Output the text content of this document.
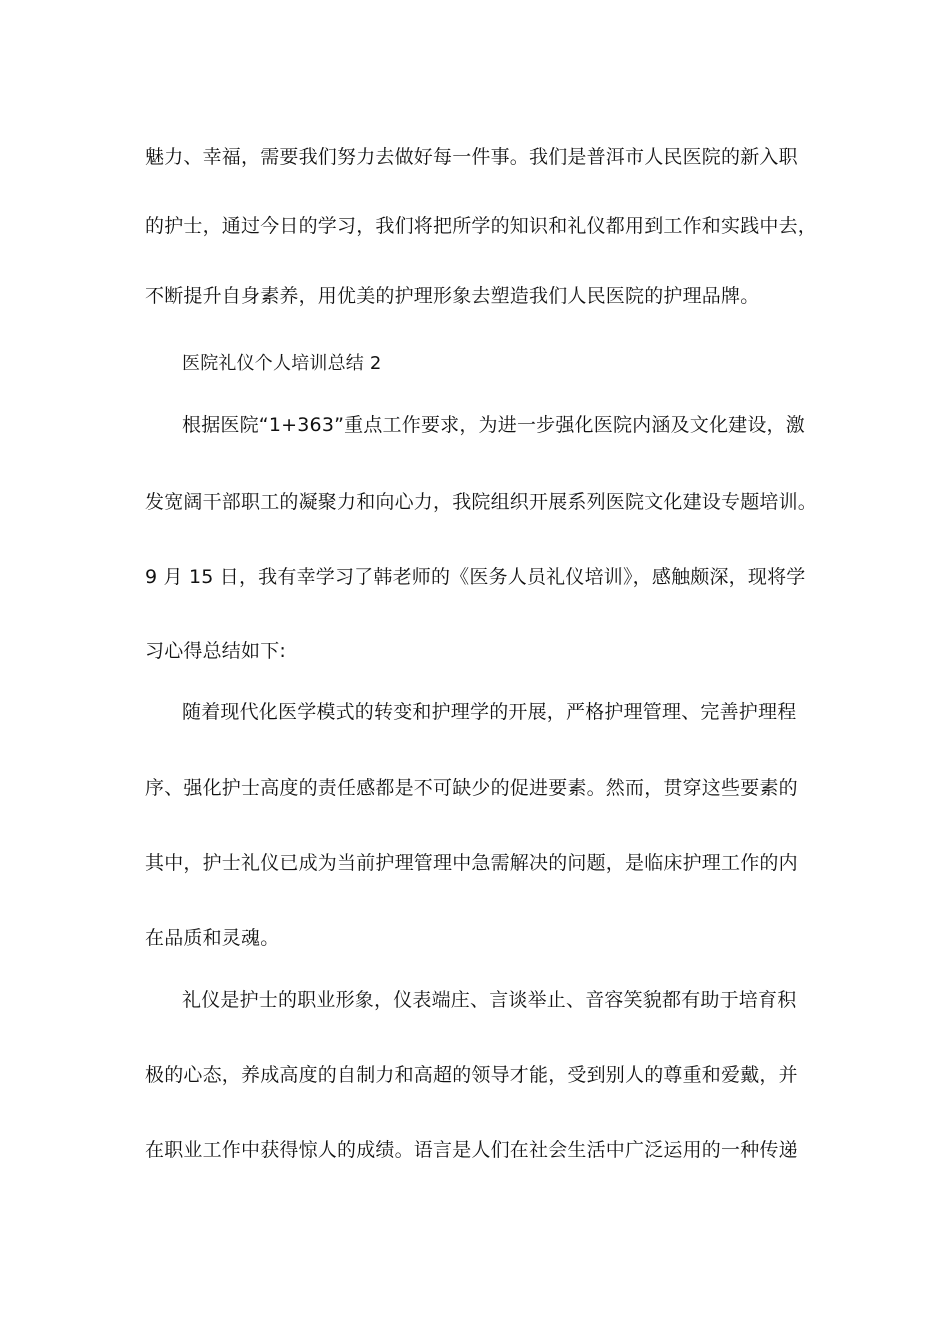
魅力、幸福，需要我们努力去做好每一件事。我们是普洱市人民医院的新入职
的护士，通过今日的学习，我们将把所学的知识和礼仪都用到工作和实践中去，
不断提升自身素养，用优美的护理形象去塑造我们人民医院的护理品牌。
医院礼仪个人培训总结 2
根据医院“1+363”重点工作要求，为进一步强化医院内涵及文化建设，激
发宽阔干部职工的凝聚力和向心力，我院组织开展系列医院文化建设专题培训。
9 月 15 日，我有幸学习了韩老师的《医务人员礼仪培训》，感触颇深，现将学
习心得总结如下:
随着现代化医学模式的转变和护理学的开展，严格护理管理、完善护理程
序、强化护士高度的责任感都是不可缺少的促进要素。然而，贯穿这些要素的
其中，护士礼仪已成为当前护理管理中急需解决的问题，是临床护理工作的内
在品质和灵魂。
礼仪是护士的职业形象，仪表端庄、言谈举止、音容笑貌都有助于培育积
极的心态，养成高度的自制力和高超的领导才能，受到别人的尊重和爱戴，并
在职业工作中获得惊人的成绩。语言是人们在社会生活中广泛运用的一种传递
